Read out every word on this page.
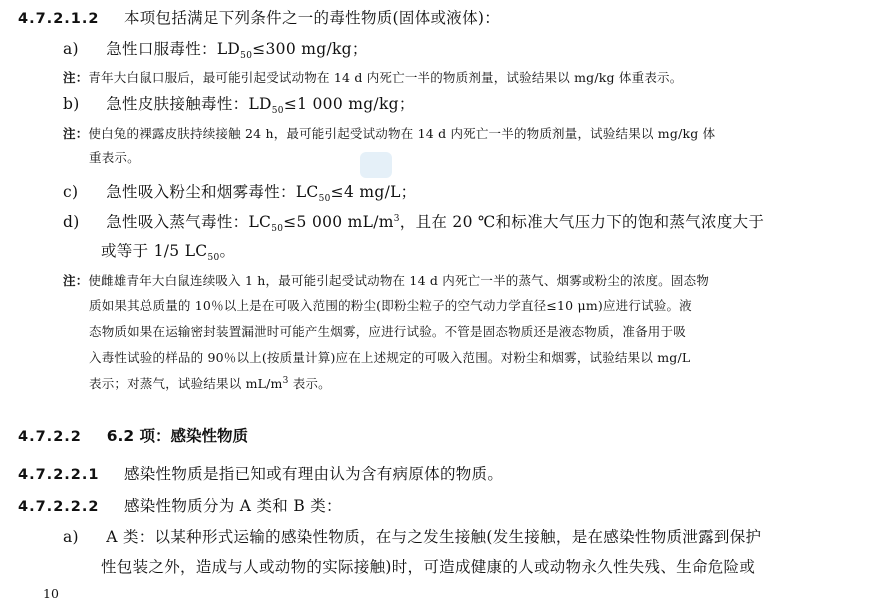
4.7.2.1.2 本项包括满足下列条件之一的毒性物质(固体或液体)：
a) 急性口服毒性：$LD_{50}\le 300$ mg/kg；
注：青年大白鼠口服后，最可能引起受试动物在 14 d 内死亡一半的物质剂量，试验结果以 mg/kg 体重表示。
b) 急性皮肤接触毒性：$LD_{50}\le 1$ 000 mg/kg；
注：使白兔的裸露皮肤持续接触 24 h，最可能引起受试动物在 14 d 内死亡一半的物质剂量，试验结果以 mg/kg 体
重表示。
c) 急性吸入粉尘和烟雾毒性：$LC_{50}\le 4$ mg/L；
d) 急性吸入蒸气毒性：$LC_{50}\le 5$ 000 $mL/m^3$，且在 20 ℃和标准大气压力下的饱和蒸气浓度大于
或等于 1/5 $LC_{50}$。
注：使雌雄青年大白鼠连续吸入 1 h，最可能引起受试动物在 14 d 内死亡一半的蒸气、烟雾或粉尘的浓度。固态物
质如果其总质量的 10％以上是在可吸入范围的粉尘(即粉尘粒子的空气动力学直径≤10 μm)应进行试验。液
态物质如果在运输密封装置漏泄时可能产生烟雾，应进行试验。不管是固态物质还是液态物质，准备用于吸
入毒性试验的样品的 90％以上(按质量计算)应在上述规定的可吸入范围。对粉尘和烟雾，试验结果以 mg/L
表示；对蒸气，试验结果以 $mL/m^3$ 表示。
4.7.2.2 6.2 项：感染性物质
4.7.2.2.1 感染性物质是指已知或有理由认为含有病原体的物质。
4.7.2.2.2 感染性物质分为 A 类和 B 类：
a) A 类：以某种形式运输的感染性物质，在与之发生接触(发生接触，是在感染性物质泄露到保护
性包装之外，造成与人或动物的实际接触)时，可造成健康的人或动物永久性失残、生命危险或
10
